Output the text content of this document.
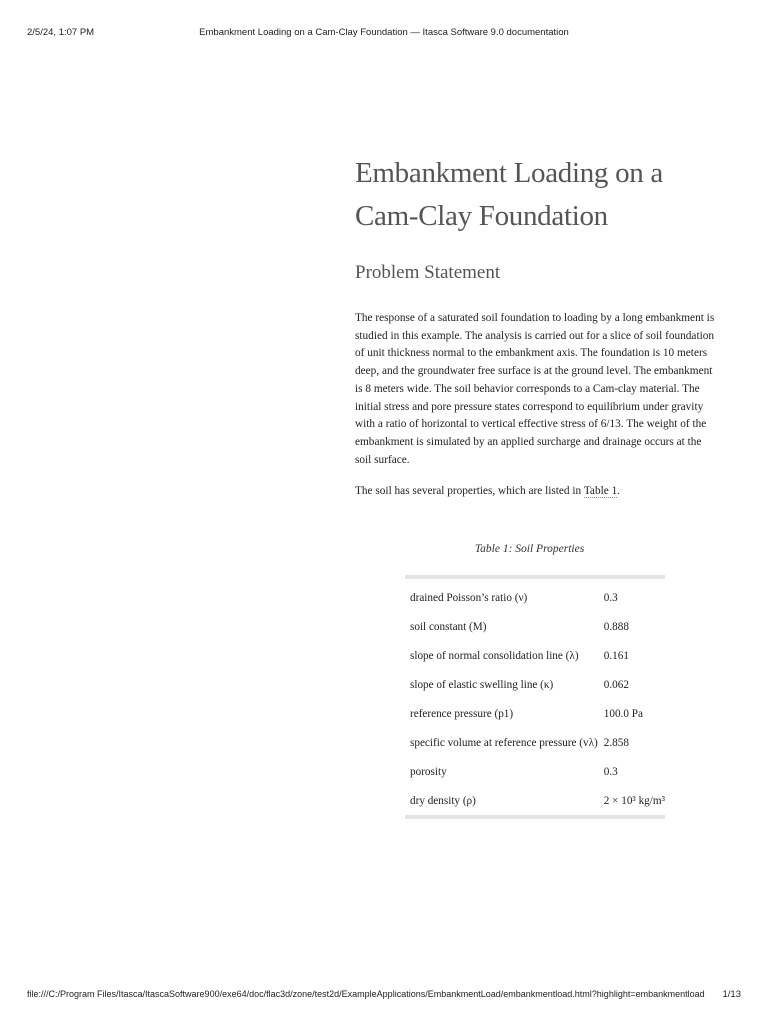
2/5/24, 1:07 PM	Embankment Loading on a Cam-Clay Foundation — Itasca Software 9.0 documentation
Embankment Loading on a Cam-Clay Foundation
Problem Statement

The response of a saturated soil foundation to loading by a long embankment is studied in this example. The analysis is carried out for a slice of soil foundation of unit thickness normal to the embankment axis. The foundation is 10 meters deep, and the groundwater free surface is at the ground level. The embankment is 8 meters wide. The soil behavior corresponds to a Cam-clay material. The initial stress and pore pressure states correspond to equilibrium under gravity with a ratio of horizontal to vertical effective stress of 6/13. The weight of the embankment is simulated by an applied surcharge and drainage occurs at the soil surface.

The soil has several properties, which are listed in Table 1.

Table 1: Soil Properties
drained Poisson’s ratio (ν)	0.3
soil constant (M)	0.888
slope of normal consolidation line (λ)	0.161
slope of elastic swelling line (κ)	0.062
reference pressure (p1)	100.0 Pa
specific volume at reference pressure (vλ)	2.858
porosity	0.3
dry density (ρ)	2 × 10³ kg/m³
file:///C:/Program Files/Itasca/ItascaSoftware900/exe64/doc/flac3d/zone/test2d/ExampleApplications/EmbankmentLoad/embankmentload.html?highlight=embankmentload 1/13
